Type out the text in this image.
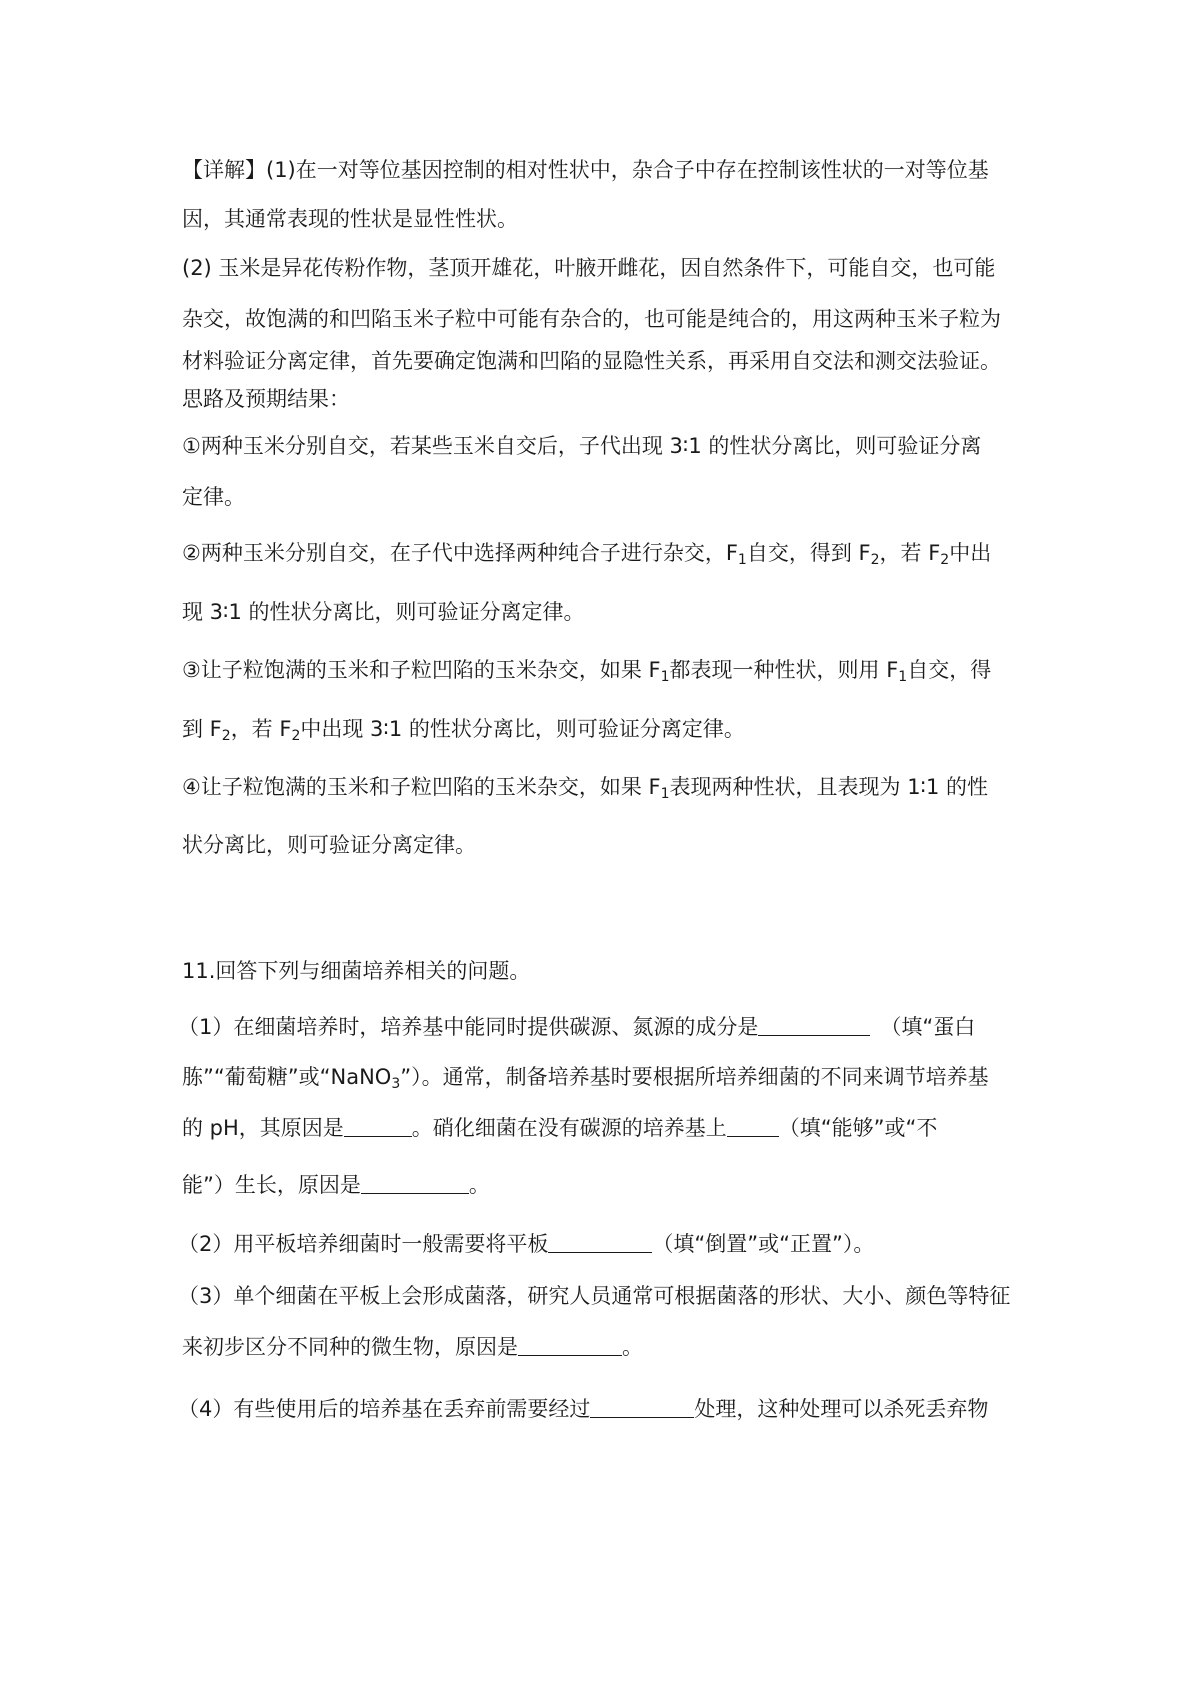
【详解】(1)在一对等位基因控制的相对性状中，杂合子中存在控制该性状的一对等位基
因，其通常表现的性状是显性性状。
(2) 玉米是异花传粉作物，茎顶开雄花，叶腋开雌花，因自然条件下，可能自交，也可能
杂交，故饱满的和凹陷玉米子粒中可能有杂合的，也可能是纯合的，用这两种玉米子粒为
材料验证分离定律，首先要确定饱满和凹陷的显隐性关系，再采用自交法和测交法验证。
思路及预期结果：
①两种玉米分别自交，若某些玉米自交后，子代出现 3∶1 的性状分离比，则可验证分离
定律。
②两种玉米分别自交，在子代中选择两种纯合子进行杂交，$F_1$自交，得到 $F_2$，若 $F_2$中出
现 3∶1 的性状分离比，则可验证分离定律。
③让子粒饱满的玉米和子粒凹陷的玉米杂交，如果 $F_1$都表现一种性状，则用 $F_1$自交，得
到 $F_2$，若 $F_2$中出现 3∶1 的性状分离比，则可验证分离定律。
④让子粒饱满的玉米和子粒凹陷的玉米杂交，如果 $F_1$表现两种性状，且表现为 1∶1 的性
状分离比，则可验证分离定律。
11.回答下列与细菌培养相关的问题。
（1）在细菌培养时，培养基中能同时提供碳源、氮源的成分是	（填“蛋白
胨”“葡萄糖”或“NaNO$_3$”）。通常，制备培养基时要根据所培养细菌的不同来调节培养基
的 pH，其原因是	。硝化细菌在没有碳源的培养基上 （填“能够”或“不
能”）生长，原因是	。
（2）用平板培养细菌时一般需要将平板	（填“倒置”或“正置”）。
（3）单个细菌在平板上会形成菌落，研究人员通常可根据菌落的形状、大小、颜色等特征
来初步区分不同种的微生物，原因是	。
（4）有些使用后的培养基在丢弃前需要经过	处理，这种处理可以杀死丢弃物
